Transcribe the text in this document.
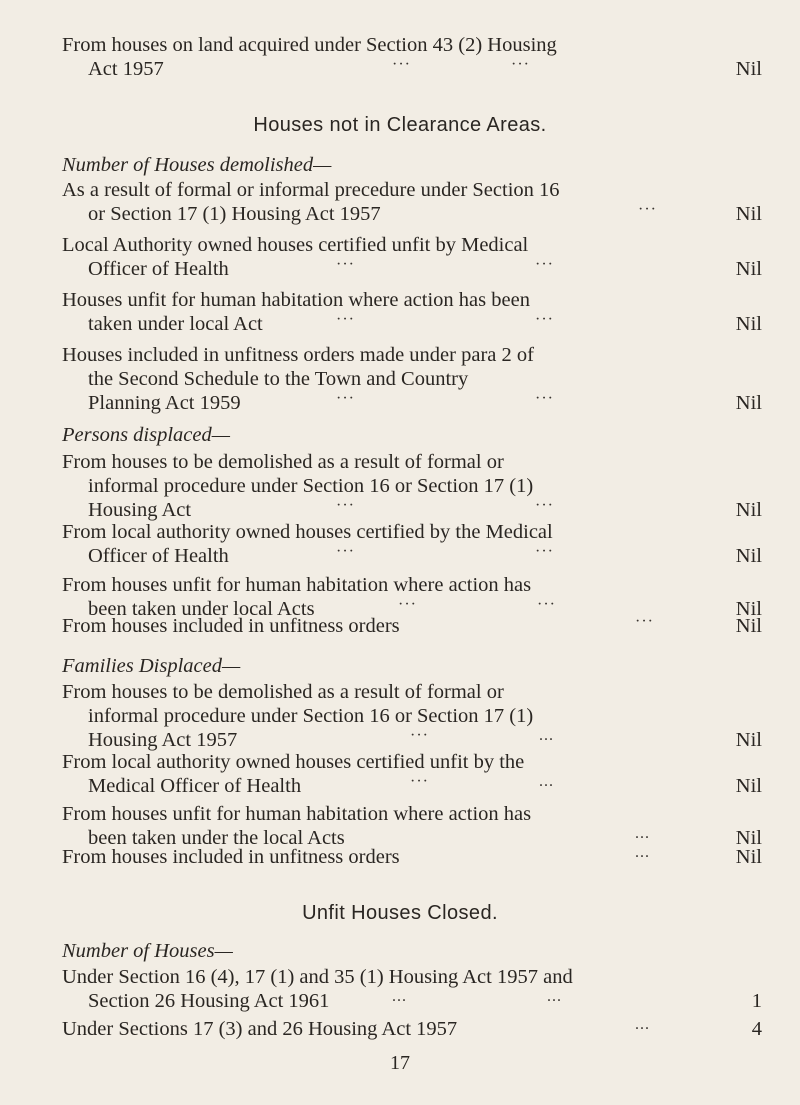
From houses on land acquired under Section 43 (2) Housing
Act 1957	···                    ···	Nil
Houses not in Clearance Areas.
Number of Houses demolished—
As a result of formal or informal precedure under Section 16
or Section 17 (1) Housing Act 1957	···	Nil
Local Authority owned houses certified unfit by Medical
Officer of Health	···                                    ···	Nil
Houses unfit for human habitation where action has been
taken under local Act	···                                    ···	Nil
Houses included in unfitness orders made under para 2 of
the Second Schedule to the Town and Country
Planning Act 1959	···                                    ···	Nil
Persons displaced—
From houses to be demolished as a result of formal or
informal procedure under Section 16 or Section 17 (1)
Housing Act	···                                    ···	Nil
From local authority owned houses certified by the Medical
Officer of Health	···                                    ···	Nil
From houses unfit for human habitation where action has
been taken under local Acts	···                        ···	Nil
From houses included in unfitness orders	···	Nil
Families Displaced—
From houses to be demolished as a result of formal or
informal procedure under Section 16 or Section 17 (1)
Housing Act 1957	···                      ...	Nil
From local authority owned houses certified unfit by the
Medical Officer of Health	···                      ...	Nil
From houses unfit for human habitation where action has
been taken under the local Acts	...	Nil
From houses included in unfitness orders	...	Nil
Unfit Houses Closed.
Number of Houses—
Under Section 16 (4), 17 (1) and 35 (1) Housing Act 1957 and
Section 26 Housing Act 1961	...                            ...	1
Under Sections 17 (3) and 26 Housing Act 1957	...	4
17
